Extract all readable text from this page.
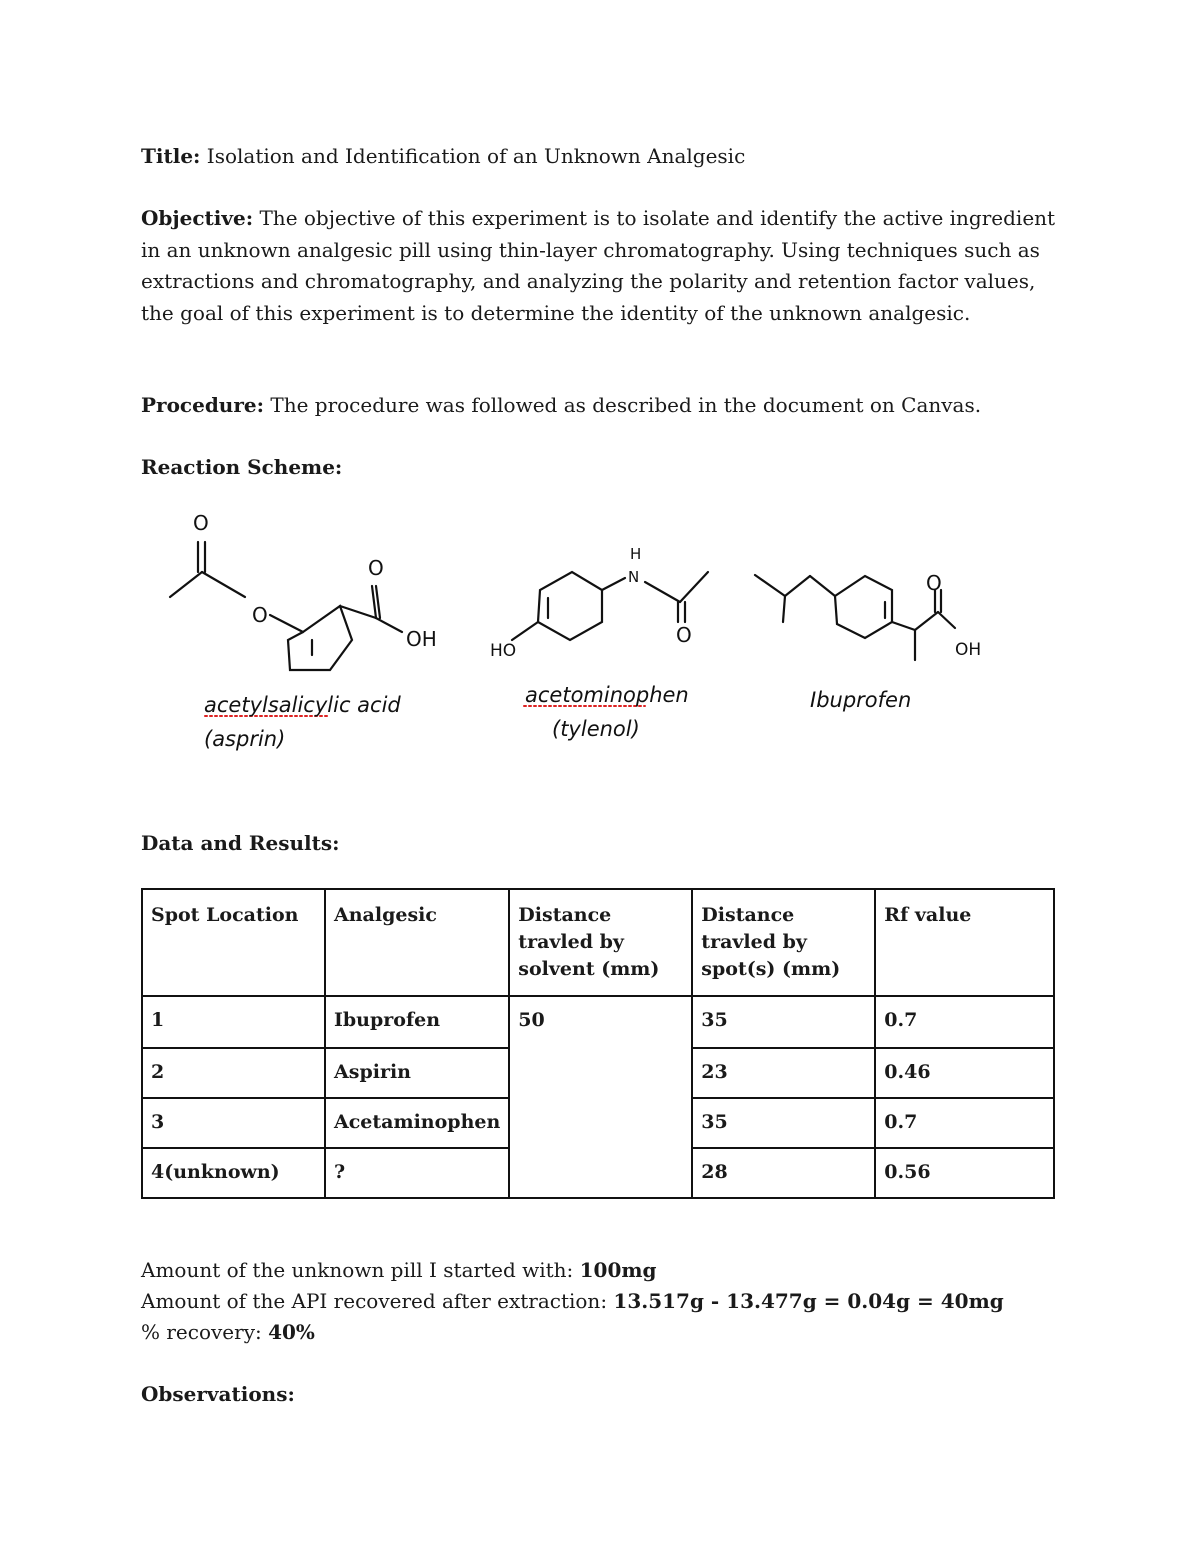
Title: Isolation and Identification of an Unknown Analgesic
Objective: The objective of this experiment is to isolate and identify the active ingredient in an unknown analgesic pill using thin-layer chromatography. Using techniques such as extractions and chromatography, and analyzing the polarity and retention factor values, the goal of this experiment is to determine the identity of the unknown analgesic.
Procedure: The procedure was followed as described in the document on Canvas.
Reaction Scheme:
O
O
O
OH
H
N
HO
O
O
OH
acetylsalicylic acid
(asprin)
acetominophen
(tylenol)
Ibuprofen
Data and Results:
Spot Location	Analgesic	Distance travled by solvent (mm)	Distance travled by spot(s) (mm)	Rf value
1	Ibuprofen	50	35	0.7
2	Aspirin		23	0.46
3	Acetaminophen		35	0.7
4(unknown)	?		28	0.56
Amount of the unknown pill I started with: 100mg
Amount of the API recovered after extraction: 13.517g - 13.477g = 0.04g = 40mg
% recovery: 40%
Observations:
